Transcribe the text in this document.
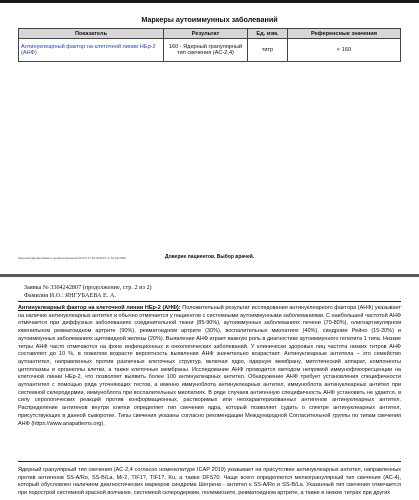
Маркеры аутоиммунных заболеваний
Показатель	Результат	Ед. изм.	Референсные значения
Антинуклеарный фактор на клеточной линии HEp-2 (АНФ)	160 - Ядерный гранулярный тип свечения (AC-2,4)	титр	< 160
Лицензия Департамента здравоохранения № ЛО-77-01-019737 от 10.02.2020	Доверие пациентов. Выбор врачей.
Заявка № 3304242807 (продолжение, стр. 2 из 2)
Фамилия И.О.: ЯНГУБАЕВА Е. А.
Антинуклеарный фактор на клеточной линии HEp-2 (АНФ): Положительный результат исследования антинуклеарного фактора (АНФ) указывает на наличие антинуклеарных антител и обычно отмечается у пациентов с системными аутоиммунными заболеваниями. С наибольшей частотой АНФ отмечается при диффузных заболеваниях соединительной ткани (85-90%), аутоиммунных заболеваниях печени (70-80%), олигоартикулярном ювенильном ревматоидном артрите (90%), ревматоидном артрите (30%), воспалительных миопатиях (40%), синдроме Рейно (15-20%) и аутоиммунных заболеваниях щитовидной железы (20%). Выявление АНФ играет важную роль в диагностике аутоиммунного гепатита 1 типа. Низкие титры АНФ часто отмечаются на фоне инфекционных и онкологических заболеваний. У клинически здоровых лиц частота низких титров АНФ составляет до 10 %, в пожилом возрасте вероятность выявления АНФ значительно возрастает. Антинуклеарные антитела – это семейство аутоантител, направленных против различных клеточных структур, включая ядро, ядерную мембрану, митотический аппарат, компоненты цитоплазмы и органеллы клетки, а также клеточные мембраны. Исследование АНФ проводится методом непрямой иммунофлюоресценции на клеточной линии HEp-2, что позволяет выявить более 100 антинуклеарных антител. Обнаружение АНФ требует установления специфичности аутоантител с помощью ряда уточняющих тестов, а именно иммуноблота антинуклеарных антител, иммуноблота антинуклеарных антител при системной склеродермии, иммуноблота при воспалительных миопатиях. В ряде случаев антигенную специфичность АНФ установить не удается, в силу серологических реакций против конформационных, растворимых или неохарактеризованных антигенов антинуклеарных антител. Распределение антигенов внутри клетки определяет тип свечения ядра, который позволяет судить о спектре антинуклеарных антител, присутствующих в данной сыворотке. Типы свечения указаны согласно рекомендации Международной Согласительной группы по типам свечения АНФ (https://www.anapatterns.org).
Ядерный гранулярный тип свечения (AC-2,4 согласно номенклатуре ICAP 2019) указывает на присутствие антинуклеарных антител, направленных против антигенов SS-A/Ro, SS-B/La, Mi-2, TIF1?, TIF1?, Ku, а также DFS70. Чаще всего определяется мелкогранулярный тип свечения (AC-4), который обусловлен наличием диагностических маркеров синдрома Шегрена - антител к SS-A/Ro и SS-B/La. Указанный тип свечения отмечается при подострой системной красной волчанке, системной склеродермии, полимиозите, ревматоидном артрите, а также в низких титрах при других
